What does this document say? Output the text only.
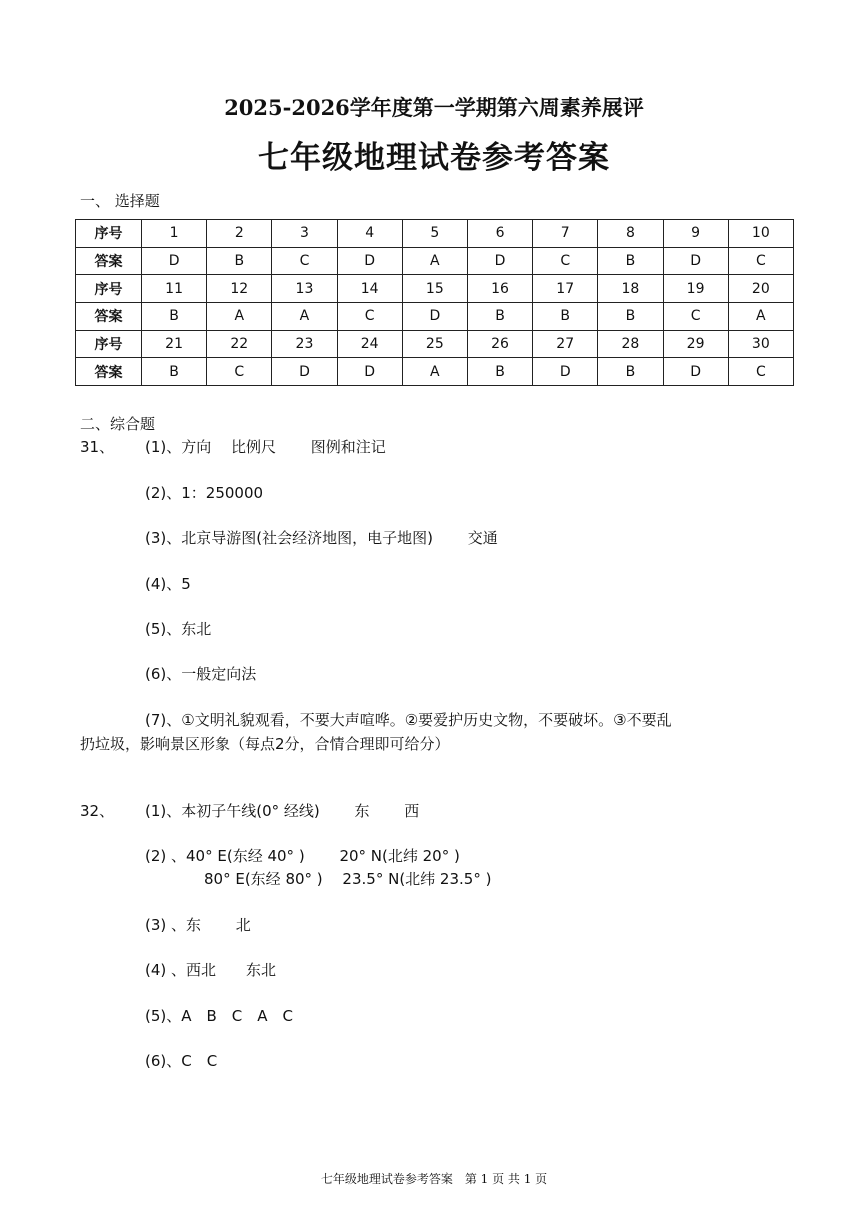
2025-2026学年度第一学期第六周素养展评
七年级地理试卷参考答案
一、 选择题
序号	1	2	3	4	5	6	7	8	9	10
答案	D	B	C	D	A	D	C	B	D	C
序号	11	12	13	14	15	16	17	18	19	20
答案	B	A	A	C	D	B	B	B	C	A
序号	21	22	23	24	25	26	27	28	29	30
答案	B	C	D	D	A	B	D	B	D	C
二、综合题
31、 (1)、方向　 比例尺　　 图例和注记
(2)、1：250000
(3)、北京导游图(社会经济地图，电子地图)　　 交通
(4)、5
(5)、东北
(6)、一般定向法
(7)、①文明礼貌观看，不要大声喧哗。②要爱护历史文物，不要破坏。③不要乱
扔垃圾，影响景区形象（每点2分，合情合理即可给分）
32、 (1)、本初子午线(0° 经线)　　 东　　 西
(2) 、40° E(东经 40° )　　 20° N(北纬 20° )
80° E(东经 80° )　 23.5° N(北纬 23.5° )
(3) 、东　　 北
(4) 、西北　　东北
(5)、A　B　C　A　C
(6)、C　C
七年级地理试卷参考答案　第 1 页 共 1 页
